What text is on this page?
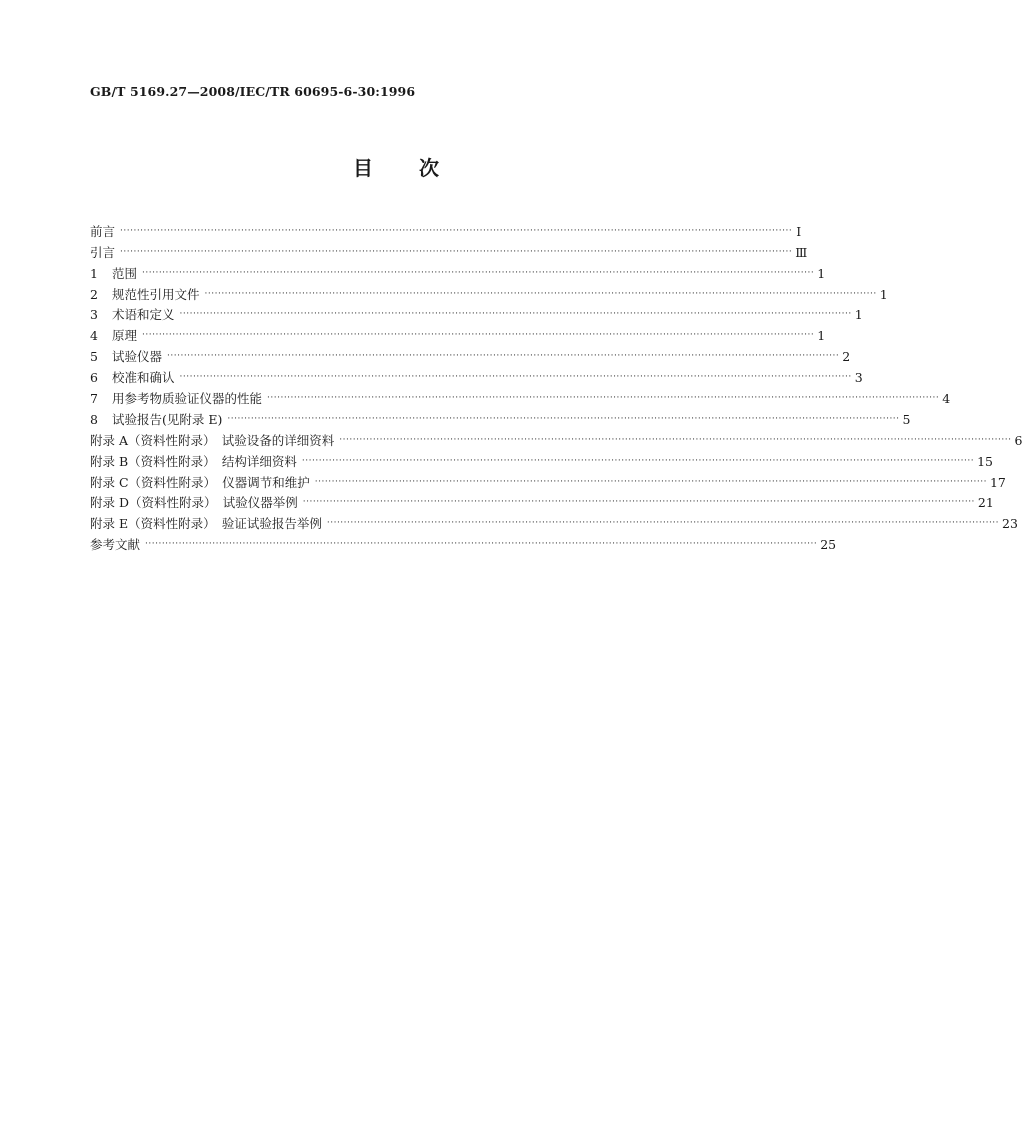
GB/T 5169.27—2008/IEC/TR 60695-6-30:1996
目 次
前言 ········································································································································································································ Ⅰ
引言 ········································································································································································································ Ⅲ
1 范围 ········································································································································································································ 1
2 规范性引用文件 ········································································································································································································ 1
3 术语和定义 ········································································································································································································ 1
4 原理 ········································································································································································································ 1
5 试验仪器 ········································································································································································································ 2
6 校准和确认 ········································································································································································································ 3
7 用参考物质验证仪器的性能 ········································································································································································································ 4
8 试验报告(见附录 E) ········································································································································································································ 5
附录 A（资料性附录）　试验设备的详细资料 ········································································································································································································ 6
附录 B（资料性附录）　结构详细资料 ········································································································································································································ 15
附录 C（资料性附录）　仪器调节和维护 ········································································································································································································ 17
附录 D（资料性附录）　试验仪器举例 ········································································································································································································ 21
附录 E（资料性附录）　验证试验报告举例 ········································································································································································································ 23
参考文献 ········································································································································································································ 25
